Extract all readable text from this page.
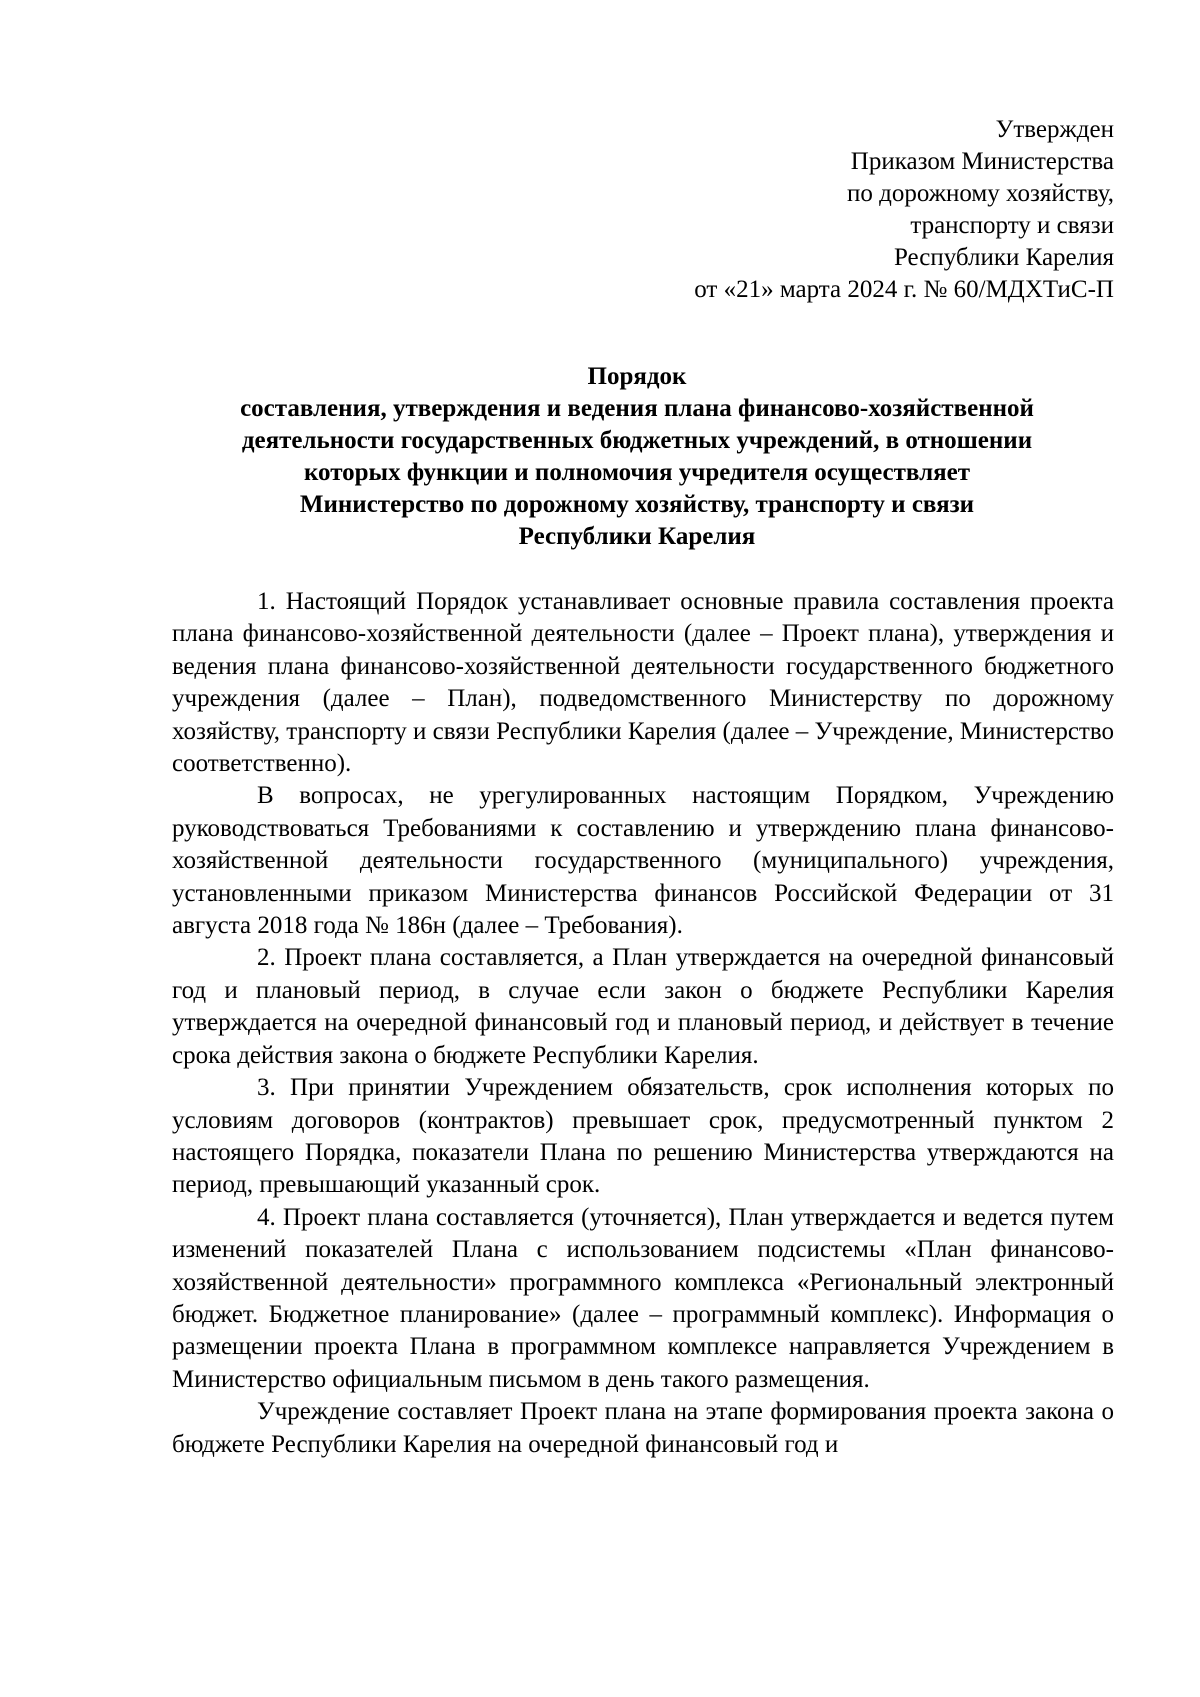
Утвержден
Приказом Министерства
по дорожному хозяйству,
транспорту и связи
Республики Карелия
от «21» марта 2024 г. № 60/МДХТиС-П
Порядок
составления, утверждения и ведения плана финансово-хозяйственной
деятельности государственных бюджетных учреждений, в отношении
которых функции и полномочия учредителя осуществляет
Министерство по дорожному хозяйству, транспорту и связи
Республики Карелия

1. Настоящий Порядок устанавливает основные правила составления проекта плана финансово-хозяйственной деятельности (далее – Проект плана), утверждения и ведения плана финансово-хозяйственной деятельности государственного бюджетного учреждения (далее – План), подведомственного Министерству по дорожному хозяйству, транспорту и связи Республики Карелия (далее – Учреждение, Министерство соответственно).

В вопросах, не урегулированных настоящим Порядком, Учреждению руководствоваться Требованиями к составлению и утверждению плана финансово-хозяйственной деятельности государственного (муниципального) учреждения, установленными приказом Министерства финансов Российской Федерации от 31 августа 2018 года № 186н (далее – Требования).

2. Проект плана составляется, а План утверждается на очередной финансовый год и плановый период, в случае если закон о бюджете Республики Карелия утверждается на очередной финансовый год и плановый период, и действует в течение срока действия закона о бюджете Республики Карелия.

3. При принятии Учреждением обязательств, срок исполнения которых по условиям договоров (контрактов) превышает срок, предусмотренный пунктом 2 настоящего Порядка, показатели Плана по решению Министерства утверждаются на период, превышающий указанный срок.

4. Проект плана составляется (уточняется), План утверждается и ведется путем изменений показателей Плана с использованием подсистемы «План финансово-хозяйственной деятельности» программного комплекса «Региональный электронный бюджет. Бюджетное планирование» (далее – программный комплекс). Информация о размещении проекта Плана в программном комплексе направляется Учреждением в Министерство официальным письмом в день такого размещения.

Учреждение составляет Проект плана на этапе формирования проекта закона о бюджете Республики Карелия на очередной финансовый год и
